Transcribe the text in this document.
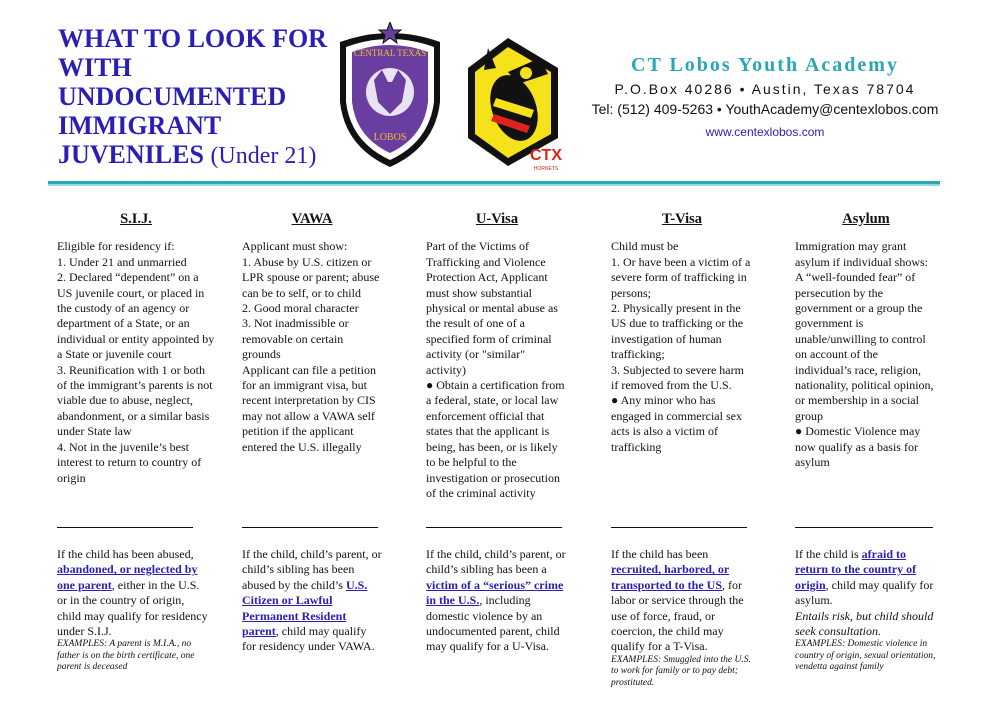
WHAT TO LOOK FOR WITH UNDOCUMENTED IMMIGRANT JUVENILES (Under 21)
CENTRAL TEXAS
LOBOS
CTX
HORNETS
CT Lobos Youth Academy
P.O.Box 40286 • Austin, Texas 78704
Tel: (512) 409-5263 • YouthAcademy@centexlobos.com
www.centexlobos.com
S.I.J.
Eligible for residency if:
1. Under 21 and unmarried
2. Declared “dependent” on a US juvenile court, or placed in the custody of an agency or department of a State, or an individual or entity appointed by a State or juvenile court
3. Reunification with 1 or both of the immigrant’s parents is not viable due to abuse, neglect, abandonment, or a similar basis under State law
4. Not in the juvenile’s best interest to return to country of origin
If the child has been abused, abandoned, or neglected by one parent, either in the U.S. or in the country of origin, child may qualify for residency under S.I.J.
EXAMPLES: A parent is M.I.A., no father is on the birth certificate, one parent is deceased
VAWA
Applicant must show:
1. Abuse by U.S. citizen or LPR spouse or parent; abuse can be to self, or to child
2. Good moral character
3. Not inadmissible or removable on certain grounds
Applicant can file a petition for an immigrant visa, but recent interpretation by CIS may not allow a VAWA self petition if the applicant entered the U.S. illegally
If the child, child’s parent, or child’s sibling has been abused by the child’s U.S. Citizen or Lawful Permanent Resident parent, child may qualify for residency under VAWA.
U-Visa
Part of the Victims of Trafficking and Violence Protection Act, Applicant must show substantial physical or mental abuse as the result of one of a specified form of criminal activity (or "similar" activity)
● Obtain a certification from a federal, state, or local law enforcement official that states that the applicant is being, has been, or is likely to be helpful to the investigation or prosecution of the criminal activity
If the child, child’s parent, or child’s sibling has been a victim of a “serious” crime in the U.S., including domestic violence by an undocumented parent, child may qualify for a U-Visa.
T-Visa
Child must be
1. Or have been a victim of a severe form of trafficking in persons;
2. Physically present in the US due to trafficking or the investigation of human trafficking;
3. Subjected to severe harm if removed from the U.S.
● Any minor who has engaged in commercial sex acts is also a victim of trafficking
If the child has been recruited, harbored, or transported to the US, for labor or service through the use of force, fraud, or coercion, the child may qualify for a T-Visa.
EXAMPLES: Smuggled into the U.S. to work for family or to pay debt; prostituted.
Asylum
Immigration may grant asylum if individual shows:
A “well-founded fear” of persecution by the government or a group the government is unable/unwilling to control on account of the individual’s race, religion, nationality, political opinion, or membership in a social group
● Domestic Violence may now qualify as a basis for asylum
If the child is afraid to return to the country of origin, child may qualify for asylum.
Entails risk, but child should seek consultation.
EXAMPLES: Domestic violence in country of origin, sexual orientation, vendetta against family
